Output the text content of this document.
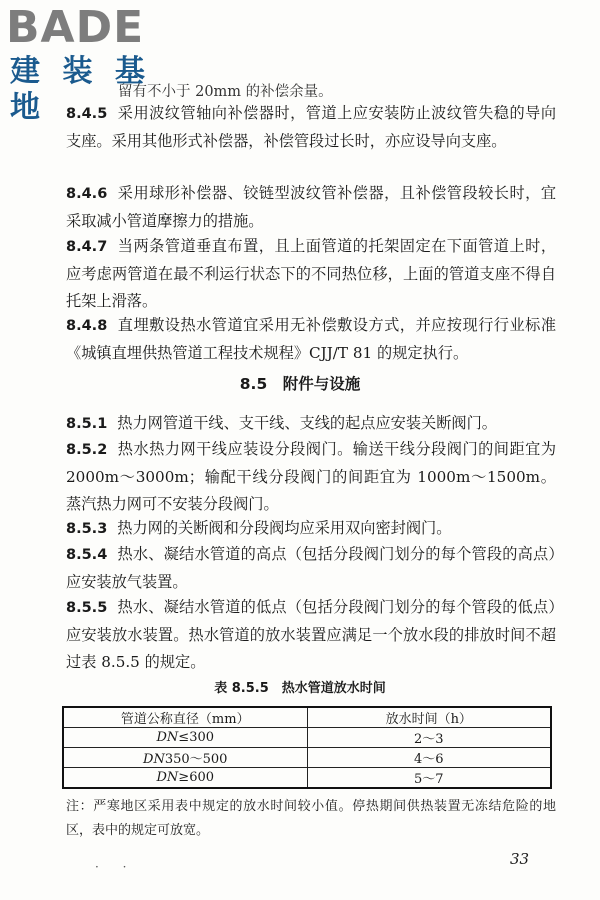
BADE
建 装 基 地	留有不小于 20mm 的补偿余量。
8.4.5 采用波纹管轴向补偿器时，管道上应安装防止波纹管失稳的导向支座。采用其他形式补偿器，补偿管段过长时，亦应设导向支座。
8.4.6 采用球形补偿器、铰链型波纹管补偿器，且补偿管段较长时，宜采取减小管道摩擦力的措施。
8.4.7 当两条管道垂直布置，且上面管道的托架固定在下面管道上时，应考虑两管道在最不利运行状态下的不同热位移，上面的管道支座不得自托架上滑落。
8.4.8 直埋敷设热水管道宜采用无补偿敷设方式，并应按现行行业标准《城镇直埋供热管道工程技术规程》CJJ/T 81 的规定执行。
8.5　附件与设施
8.5.1 热力网管道干线、支干线、支线的起点应安装关断阀门。
8.5.2 热水热力网干线应装设分段阀门。输送干线分段阀门的间距宜为 2000m～3000m；输配干线分段阀门的间距宜为 1000m～1500m。蒸汽热力网可不安装分段阀门。
8.5.3 热力网的关断阀和分段阀均应采用双向密封阀门。
8.5.4 热水、凝结水管道的高点（包括分段阀门划分的每个管段的高点）应安装放气装置。
8.5.5 热水、凝结水管道的低点（包括分段阀门划分的每个管段的低点）应安装放水装置。热水管道的放水装置应满足一个放水段的排放时间不超过表 8.5.5 的规定。
表 8.5.5　热水管道放水时间
管道公称直径（mm）	放水时间（h）
DN≤300	2～3
DN350～500	4～6
DN≥600	5～7
注：严寒地区采用表中规定的放水时间较小值。停热期间供热装置无冻结危险的地区，表中的规定可放宽。
· ·	33
